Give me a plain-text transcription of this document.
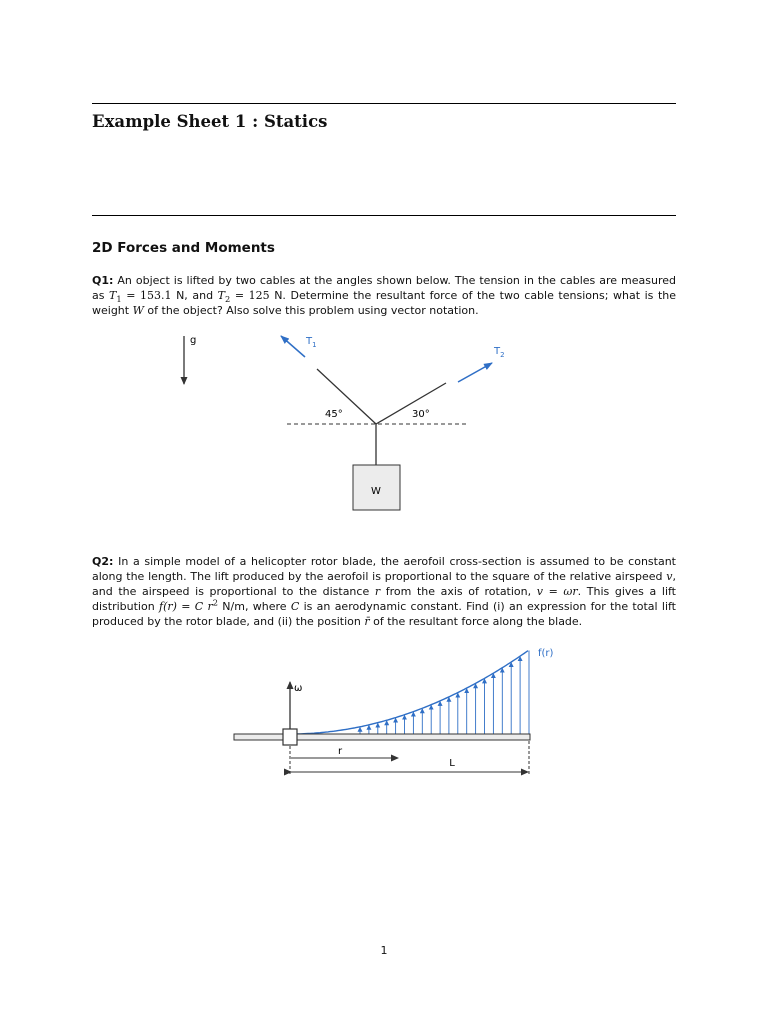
Example Sheet 1 : Statics
2D Forces and Moments

Q1: An object is lifted by two cables at the angles shown below. The tension in the cables are measured as $T_1 = 153.1$ N, and $T_2 = 125$ N. Determine the resultant force of the two cable tensions; what is the weight W of the object? Also solve this problem using vector notation.

g	$T_1$
$T_2$
45°	30°
W

Q2: In a simple model of a helicopter rotor blade, the aerofoil cross-section is assumed to be constant along the length. The lift produced by the aerofoil is proportional to the square of the relative airspeed v, and the airspeed is proportional to the distance r from the axis of rotation, v = ωr. This gives a lift distribution f(r) = C $r^2$ N/m, where C is an aerodynamic constant. Find (i) an expression for the total lift produced by the rotor blade, and (ii) the position r̄ of the resultant force along the blade.

f(r)
ω
r
L

1
